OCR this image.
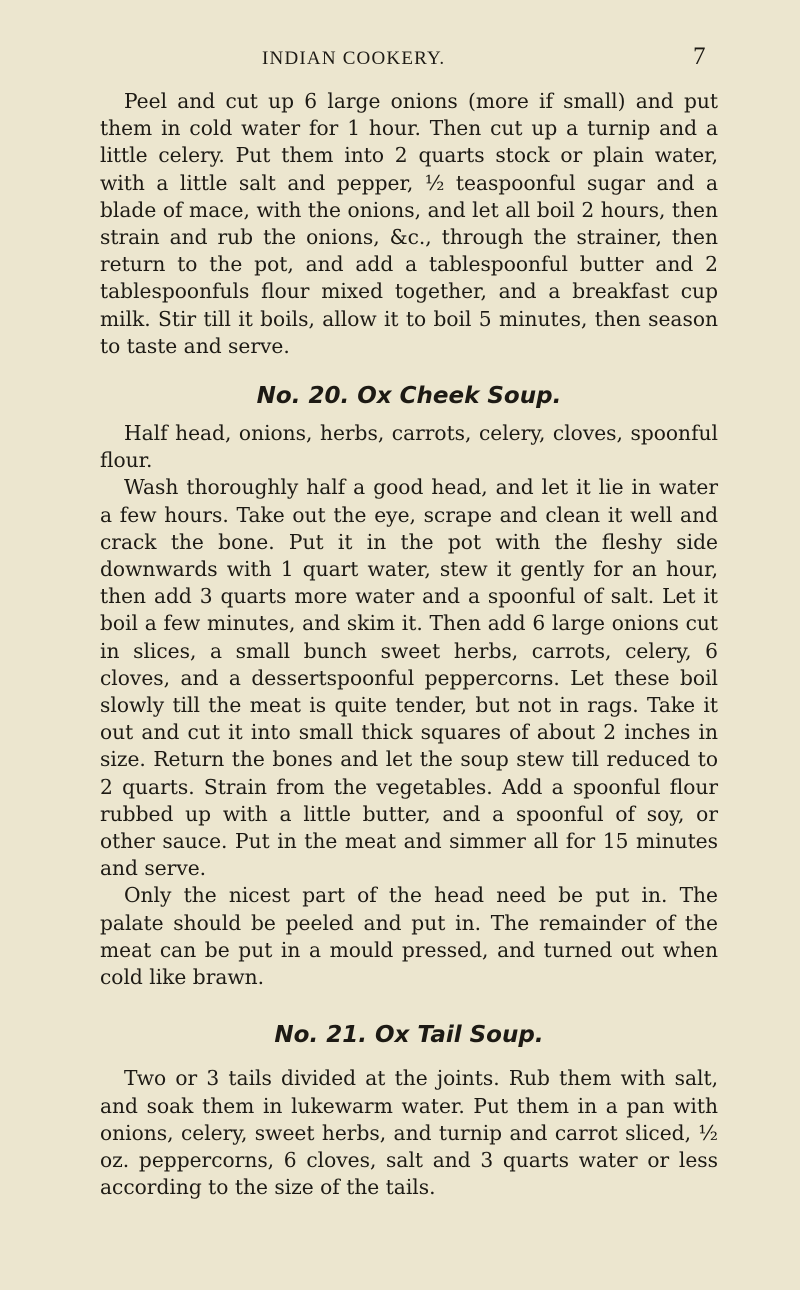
INDIAN COOKERY.	7

Peel and cut up 6 large onions (more if small) and put them in cold water for 1 hour. Then cut up a turnip and a little celery. Put them into 2 quarts stock or plain water, with a little salt and pepper, ½ teaspoonful sugar and a blade of mace, with the onions, and let all boil 2 hours, then strain and rub the onions, &c., through the strainer, then return to the pot, and add a tablespoonful butter and 2 tablespoonfuls flour mixed together, and a breakfast cup milk. Stir till it boils, allow it to boil 5 minutes, then season to taste and serve.

No. 20. Ox Cheek Soup.

Half head, onions, herbs, carrots, celery, cloves, spoonful flour.

Wash thoroughly half a good head, and let it lie in water a few hours. Take out the eye, scrape and clean it well and crack the bone. Put it in the pot with the fleshy side downwards with 1 quart water, stew it gently for an hour, then add 3 quarts more water and a spoonful of salt. Let it boil a few minutes, and skim it. Then add 6 large onions cut in slices, a small bunch sweet herbs, carrots, celery, 6 cloves, and a dessertspoonful peppercorns. Let these boil slowly till the meat is quite tender, but not in rags. Take it out and cut it into small thick squares of about 2 inches in size. Return the bones and let the soup stew till reduced to 2 quarts. Strain from the vegetables. Add a spoonful flour rubbed up with a little butter, and a spoonful of soy, or other sauce. Put in the meat and simmer all for 15 minutes and serve.

Only the nicest part of the head need be put in. The palate should be peeled and put in. The remainder of the meat can be put in a mould pressed, and turned out when cold like brawn.

No. 21. Ox Tail Soup.

Two or 3 tails divided at the joints. Rub them with salt, and soak them in lukewarm water. Put them in a pan with onions, celery, sweet herbs, and turnip and carrot sliced, ½ oz. peppercorns, 6 cloves, salt and 3 quarts water or less according to the size of the tails.
